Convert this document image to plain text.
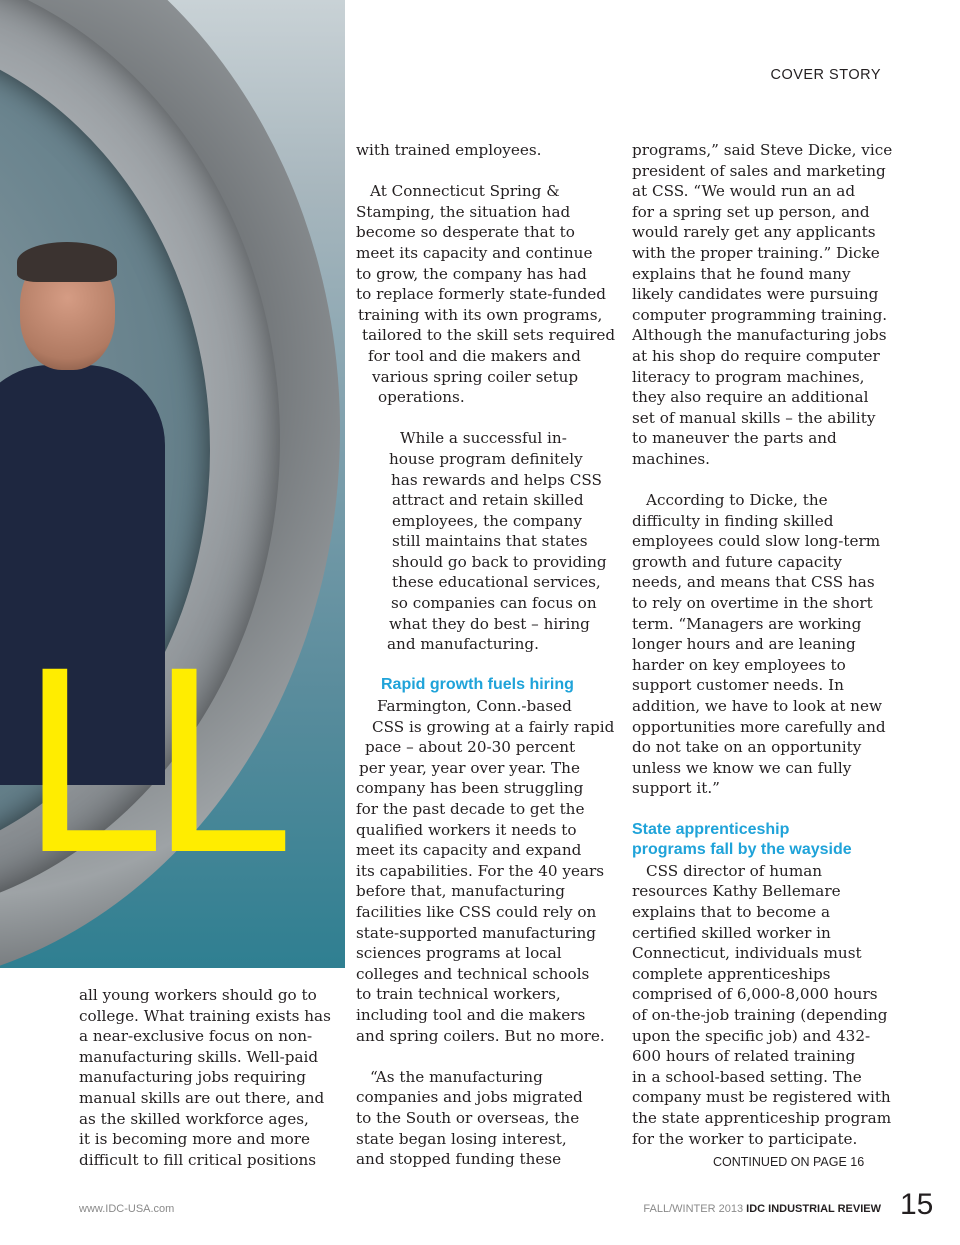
LL
COVER STORY

all young workers should go to
college. What training exists has
a near-exclusive focus on non-
manufacturing skills. Well-paid
manufacturing jobs requiring
manual skills are out there, and
as the skilled workforce ages,
it is becoming more and more
difficult to fill critical positions

with trained employees.

At Connecticut Spring &
Stamping, the situation had
become so desperate that to
meet its capacity and continue
to grow, the company has had
to replace formerly state-funded
training with its own programs,
tailored to the skill sets required
for tool and die makers and
various spring coiler setup
operations.

While a successful in-
house program definitely
has rewards and helps CSS
attract and retain skilled
employees, the company
still maintains that states
should go back to providing
these educational services,
so companies can focus on
what they do best – hiring
and manufacturing.

Rapid growth fuels hiring

Farmington, Conn.-based
CSS is growing at a fairly rapid
pace – about 20-30 percent
per year, year over year. The
company has been struggling
for the past decade to get the
qualified workers it needs to
meet its capacity and expand
its capabilities. For the 40 years
before that, manufacturing
facilities like CSS could rely on
state-supported manufacturing
sciences programs at local
colleges and technical schools
to train technical workers,
including tool and die makers
and spring coilers. But no more.

“As the manufacturing
companies and jobs migrated
to the South or overseas, the
state began losing interest,
and stopped funding these

programs,” said Steve Dicke, vice
president of sales and marketing
at CSS. “We would run an ad
for a spring set up person, and
would rarely get any applicants
with the proper training.” Dicke
explains that he found many
likely candidates were pursuing
computer programming training.
Although the manufacturing jobs
at his shop do require computer
literacy to program machines,
they also require an additional
set of manual skills – the ability
to maneuver the parts and
machines.

According to Dicke, the
difficulty in finding skilled
employees could slow long-term
growth and future capacity
needs, and means that CSS has
to rely on overtime in the short
term. “Managers are working
longer hours and are leaning
harder on key employees to
support customer needs. In
addition, we have to look at new
opportunities more carefully and
do not take on an opportunity
unless we know we can fully
support it.”

State apprenticeship
programs fall by the wayside

CSS director of human
resources Kathy Bellemare
explains that to become a
certified skilled worker in
Connecticut, individuals must
complete apprenticeships
comprised of 6,000-8,000 hours
of on-the-job training (depending
upon the specific job) and 432-
600 hours of related training
in a school-based setting. The
company must be registered with
the state apprenticeship program
for the worker to participate.

CONTINUED ON PAGE 16
www.IDC-USA.com	FALL/WINTER 2013 IDC INDUSTRIAL REVIEW 15
